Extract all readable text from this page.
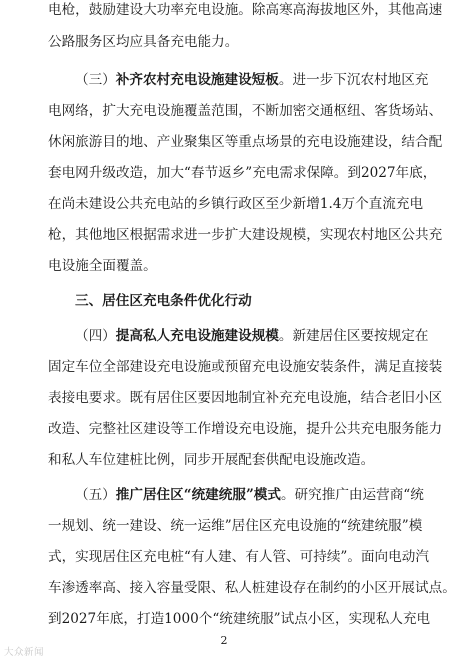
电枪，鼓励建设大功率充电设施。除高寒高海拔地区外，其他高速
公路服务区均应具备充电能力。
（三）补齐农村充电设施建设短板。进一步下沉农村地区充
电网络，扩大充电设施覆盖范围，不断加密交通枢纽、客货场站、
休闲旅游目的地、产业聚集区等重点场景的充电设施建设，结合配
套电网升级改造，加大“春节返乡”充电需求保障。到2027年底，
在尚未建设公共充电站的乡镇行政区至少新增1.4万个直流充电
枪，其他地区根据需求进一步扩大建设规模，实现农村地区公共充
电设施全面覆盖。
三、居住区充电条件优化行动
（四）提高私人充电设施建设规模。新建居住区要按规定在
固定车位全部建设充电设施或预留充电设施安装条件，满足直接装
表接电要求。既有居住区要因地制宜补充充电设施，结合老旧小区
改造、完整社区建设等工作增设充电设施，提升公共充电服务能力
和私人车位建桩比例，同步开展配套供配电设施改造。
（五）推广居住区“统建统服”模式。研究推广由运营商“统
一规划、统一建设、统一运维”居住区充电设施的“统建统服”模
式，实现居住区充电桩“有人建、有人管、可持续”。面向电动汽
车渗透率高、接入容量受限、私人桩建设存在制约的小区开展试点。
到2027年底，打造1000个“统建统服”试点小区，实现私人充电
2
大众新闻
